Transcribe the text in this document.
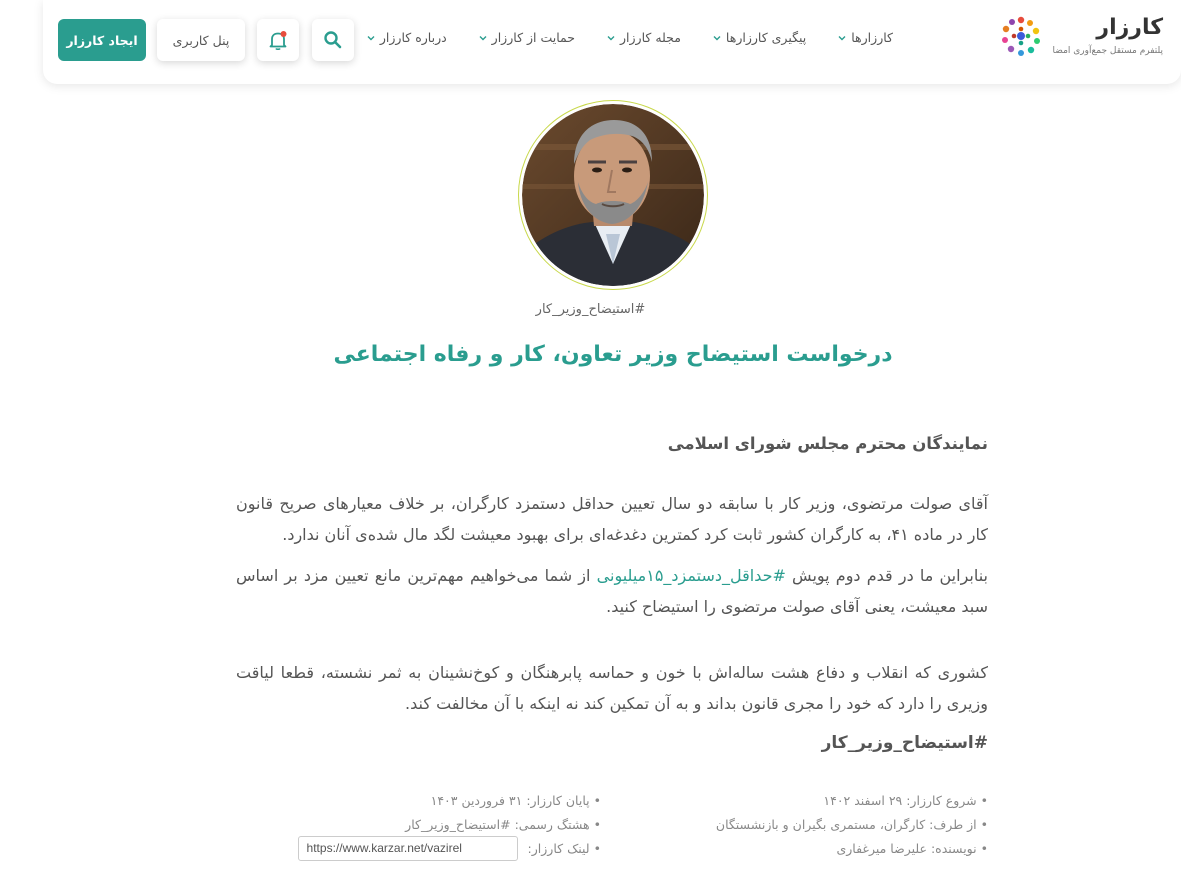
کارزار
پلتفرم مستقل جمع‌آوری امضا
کارزارها
پیگیری کارزارها
مجله کارزار
حمایت از کارزار
درباره کارزار
پنل کاربری
ایجاد کارزار
#استیضاح_وزیر_کار
درخواست استیضاح وزیر تعاون، کار و رفاه اجتماعی
نمایندگان محترم مجلس شورای اسلامی

آقای صولت مرتضوی، وزیر کار با سابقه دو سال تعیین حداقل دستمزد کارگران، بر خلاف معیارهای صریح قانون کار در ماده ۴۱، به کارگران کشور ثابت کرد کمترین دغدغه‌ای برای بهبود معیشت لگد مال شده‌ی آنان ندارد.

بنابراین ما در قدم دوم پویش #حداقل_دستمزد_۱۵میلیونی از شما می‌خواهیم مهم‌ترین مانع تعیین مزد بر اساس سبد معیشت، یعنی آقای صولت مرتضوی را استیضاح کنید.

کشوری که انقلاب و دفاع هشت ساله‌اش با خون و حماسه پابرهنگان و کوخ‌نشینان به ثمر نشسته، قطعا لیاقت وزیری را دارد که خود را مجری قانون بداند و به آن تمکین کند نه اینکه با آن مخالفت کند.

#استیضاح_وزیر_کار
•
شروع کارزار: ۲۹ اسفند ۱۴۰۲
•
از طرف: کارگران، مستمری بگیران و بازنشستگان
•
نویسنده: علیرضا میرغفاری
•
پایان کارزار: ۳۱ فروردین ۱۴۰۳
•
هشتگ رسمی: #استیضاح_وزیر_کار
•
لینک کارزار:
https://www.karzar.net/vazirel
